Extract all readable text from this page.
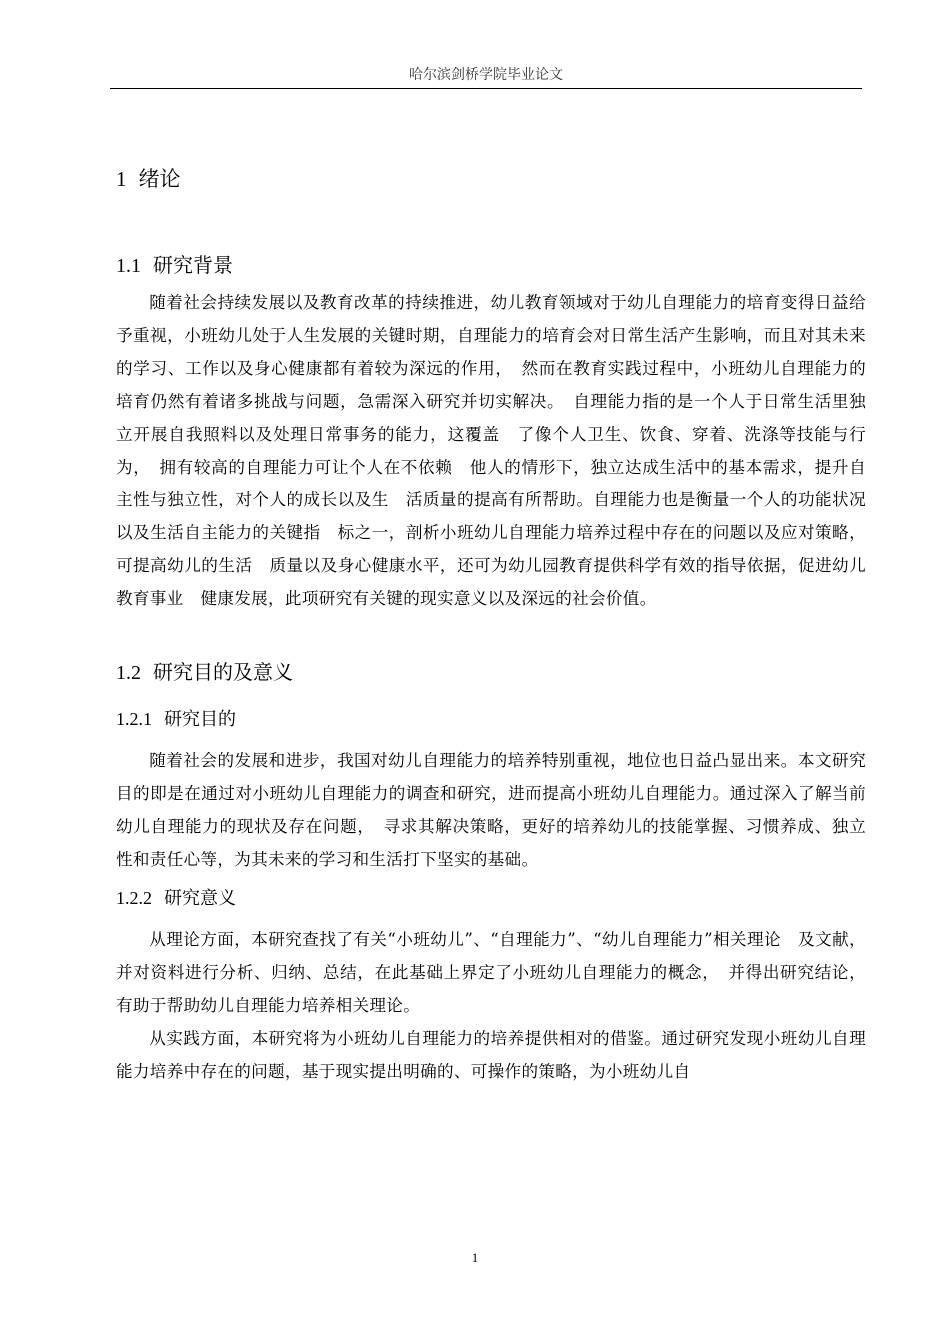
哈尔滨剑桥学院毕业论文
1 绪论
1.1 研究背景

随着社会持续发展以及教育改革的持续推进，幼儿教育领域对于幼儿自理能力的培育变得日益给予重视，小班幼儿处于人生发展的关键时期，自理能力的培育会对日常生活产生影响，而且对其未来的学习、工作以及身心健康都有着较为深远的作用，　然而在教育实践过程中，小班幼儿自理能力的培育仍然有着诸多挑战与问题，急需深入研究并切实解决。　自理能力指的是一个人于日常生活里独立开展自我照料以及处理日常事务的能力，这覆盖　了像个人卫生、饮食、穿着、洗涤等技能与行为，　拥有较高的自理能力可让个人在不依赖　他人的情形下，独立达成生活中的基本需求，提升自主性与独立性，对个人的成长以及生　活质量的提高有所帮助。自理能力也是衡量一个人的功能状况以及生活自主能力的关键指　标之一，剖析小班幼儿自理能力培养过程中存在的问题以及应对策略，可提高幼儿的生活　质量以及身心健康水平，还可为幼儿园教育提供科学有效的指导依据，促进幼儿教育事业　健康发展，此项研究有关键的现实意义以及深远的社会价值。

1.2 研究目的及意义
1.2.1 研究目的

随着社会的发展和进步，我国对幼儿自理能力的培养特别重视，地位也日益凸显出来。本文研究目的即是在通过对小班幼儿自理能力的调查和研究，进而提高小班幼儿自理能力。通过深入了解当前幼儿自理能力的现状及存在问题，　寻求其解决策略，更好的培养幼儿的技能掌握、习惯养成、独立性和责任心等，为其未来的学习和生活打下坚实的基础。

1.2.2 研究意义

从理论方面，本研究查找了有关“小班幼儿”、“自理能力”、“幼儿自理能力”相关理论　及文献，并对资料进行分析、归纳、总结，在此基础上界定了小班幼儿自理能力的概念，　并得出研究结论，有助于帮助幼儿自理能力培养相关理论。

从实践方面，本研究将为小班幼儿自理能力的培养提供相对的借鉴。通过研究发现小班幼儿自理能力培养中存在的问题，基于现实提出明确的、可操作的策略，为小班幼儿自

1
